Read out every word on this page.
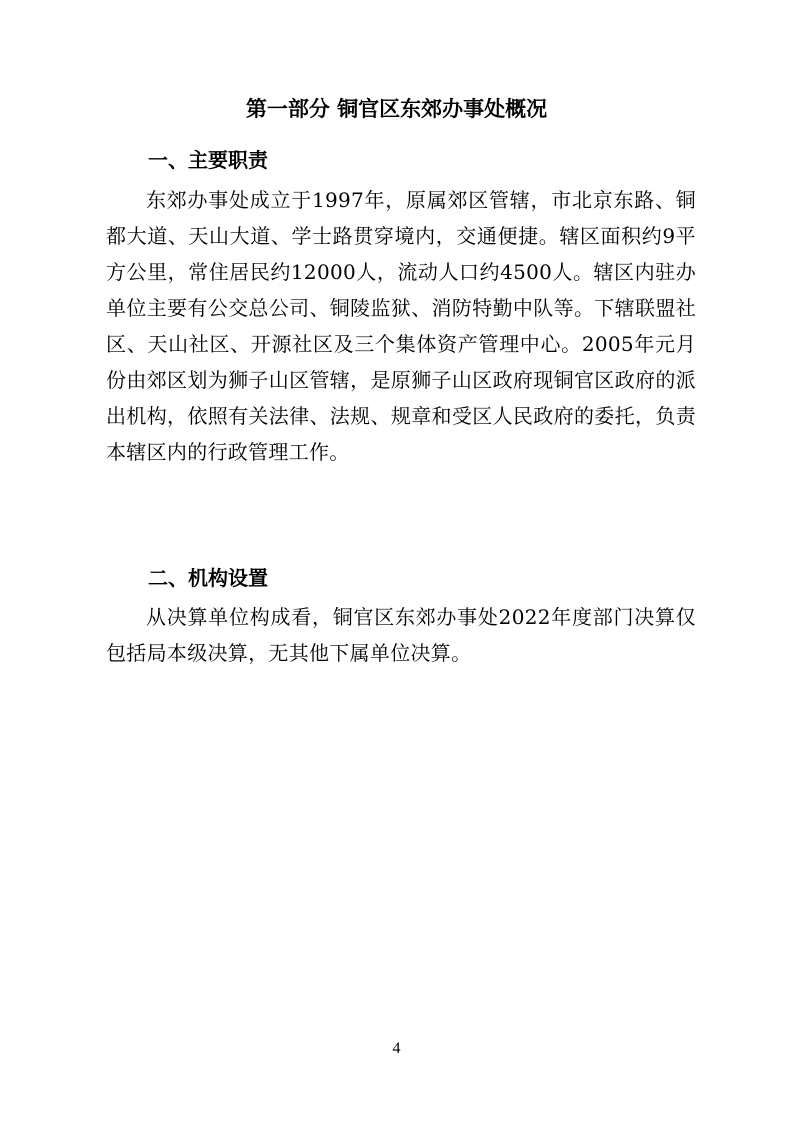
第一部分 铜官区东郊办事处概况
一、主要职责

东郊办事处成立于1997年，原属郊区管辖，市北京东路、铜都大道、天山大道、学士路贯穿境内，交通便捷。辖区面积约9平方公里，常住居民约12000人，流动人口约4500人。辖区内驻办单位主要有公交总公司、铜陵监狱、消防特勤中队等。下辖联盟社区、天山社区、开源社区及三个集体资产管理中心。2005年元月份由郊区划为狮子山区管辖，是原狮子山区政府现铜官区政府的派出机构，依照有关法律、法规、规章和受区人民政府的委托，负责本辖区内的行政管理工作。

二、机构设置

从决算单位构成看，铜官区东郊办事处2022年度部门决算仅包括局本级决算，无其他下属单位决算。

4
